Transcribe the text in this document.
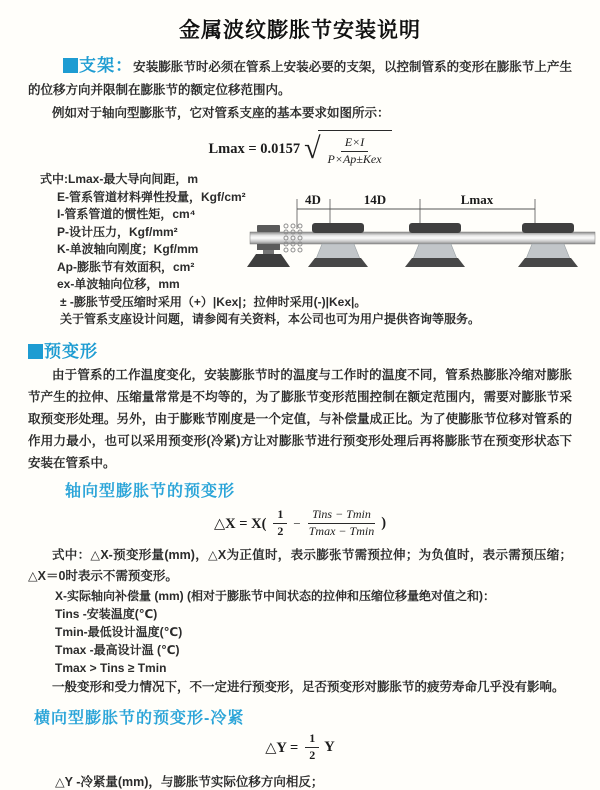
金属波纹膨胀节安装说明

支架：安装膨胀节时必须在管系上安装必要的支架，以控制管系的变形在膨胀节上产生的位移方向并限制在膨胀节的额定位移范围内。

例如对于轴向型膨胀节，它对管系支座的基本要求如图所示：

Lmax = 0.0157 √ $\frac{E\times I}{\text{P×Ap±Kex}}$
式中:Lmax-最大导向间距，m
E-管系管道材料弹性投量，Kgf/cm²
I-管系管道的惯性矩，cm⁴
P-设计压力，Kgf/mm²
K-单波轴向刚度；Kgf/mm
Ap-膨胀节有效面积，cm²
ex-单波轴向位移，mm
± -膨胀节受压缩时采用（+）|Kex|；拉伸时采用(-)|Kex|。
关于管系支座设计问题，请参阅有关资料，本公司也可为用户提供咨询等服务。
4D	14D	Lmax
预变形

由于管系的工作温度变化，安装膨胀节时的温度与工作时的温度不同，管系热膨胀冷缩对膨胀节产生的拉伸、压缩量常常是不均等的，为了膨胀节变形范围控制在额定范围内，需要对膨胀节采取预变形处理。另外，由于膨账节刚度是一个定值，与补偿量成正比。为了使膨胀节位移对管系的作用力最小，也可以采用预变形(冷紧)方让对膨胀节进行预变形处理后再将膨胀节在预变形状态下安装在管系中。

轴向型膨胀节的预变形
△X = $X( \frac{1}{2} - \frac{\text{Tins − Tmin}}{Tmax - Tmin}$ )

式中：△X-预变形量(mm)，△X为正值时，表示膨张节需预拉伸；为负值时，表示需预压缩；△X＝0时表示不需预变形。

X-实际轴向补偿量 (mm) (相对于膨胀节中间状态的拉伸和压缩位移量绝对值之和)：
Tins -安装温度(℃)
Tmin-最低设计温度(℃)
Tmax -最高设计温 (℃)
Tmax > Tins ≥ Tmin

一般变形和受力情况下，不一定进行预变形，足否预变形对膨胀节的疲劳寿命几乎没有影响。

横向型膨胀节的预变形-冷紧
△Y = $\frac{1}{2}$ Y

△Y -冷紧量(mm)，与膨胀节实际位移方向相反；
